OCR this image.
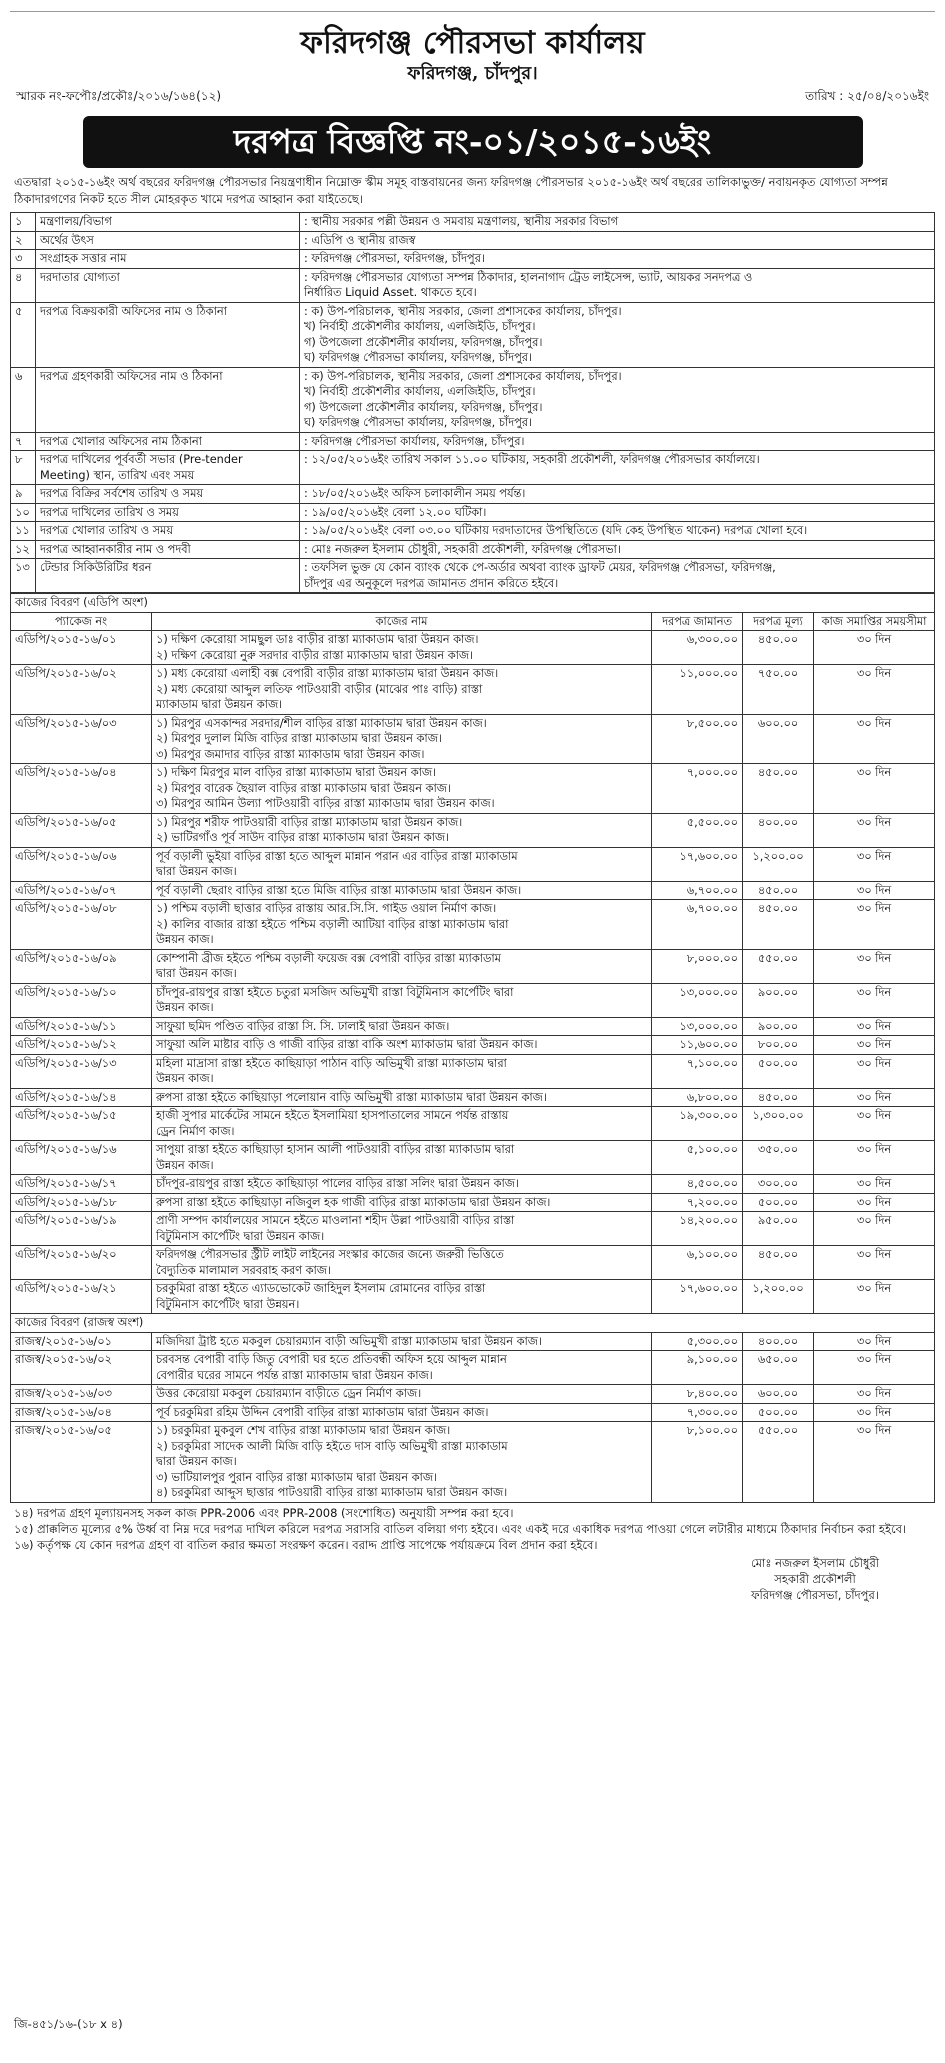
ফরিদগঞ্জ পৌরসভা কার্যালয়
ফরিদগঞ্জ, চাঁদপুর।
স্মারক নং-ফপৌঃ/প্রকৌঃ/২০১৬/১৬৪(১২)	তারিখ : ২৫/০৪/২০১৬ইং
দরপত্র বিজ্ঞপ্তি নং-০১/২০১৫-১৬ইং
এতদ্বারা ২০১৫-১৬ইং অর্থ বছরের ফরিদগঞ্জ পৌরসভার নিয়ন্ত্রণাধীন নিম্নোক্ত স্কীম সমূহ বাস্তবায়নের জন্য ফরিদগঞ্জ পৌরসভার ২০১৫-১৬ইং অর্থ বছরের তালিকাভুক্ত/ নবায়নকৃত যোগ্যতা সম্পন্ন ঠিকাদারগণের নিকট হতে সীল মোহরকৃত খামে দরপত্র আহ্বান করা যাইতেছে।
১	মন্ত্রণালয়/বিভাগ	: স্থানীয় সরকার পল্লী উন্নয়ন ও সমবায় মন্ত্রণালয়, স্থানীয় সরকার বিভাগ

২	অর্থের উৎস	: এডিপি ও স্থানীয় রাজস্ব

৩	সংগ্রাহক সত্তার নাম	: ফরিদগঞ্জ পৌরসভা, ফরিদগঞ্জ, চাঁদপুর।

৪	দরদাতার যোগ্যতা	: ফরিদগঞ্জ পৌরসভার যোগ্যতা সম্পন্ন ঠিকাদার, হালনাগাদ ট্রেড লাইসেন্স, ভ্যাট, আয়কর সনদপত্র ও
নির্ধারিত Liquid Asset. থাকতে হবে।

৫	দরপত্র বিক্রয়কারী অফিসের নাম ও ঠিকানা	: ক) উপ-পরিচালক, স্থানীয় সরকার, জেলা প্রশাসকের কার্যালয়, চাঁদপুর।
খ) নির্বাহী প্রকৌশলীর কার্যালয়, এলজিইডি, চাঁদপুর।
গ) উপজেলা প্রকৌশলীর কার্যালয়, ফরিদগঞ্জ, চাঁদপুর।
ঘ) ফরিদগঞ্জ পৌরসভা কার্যালয়, ফরিদগঞ্জ, চাঁদপুর।

৬	দরপত্র গ্রহণকারী অফিসের নাম ও ঠিকানা	: ক) উপ-পরিচালক, স্থানীয় সরকার, জেলা প্রশাসকের কার্যালয়, চাঁদপুর।
খ) নির্বাহী প্রকৌশলীর কার্যালয়, এলজিইডি, চাঁদপুর।
গ) উপজেলা প্রকৌশলীর কার্যালয়, ফরিদগঞ্জ, চাঁদপুর।
ঘ) ফরিদগঞ্জ পৌরসভা কার্যালয়, ফরিদগঞ্জ, চাঁদপুর।

৭	দরপত্র খোলার অফিসের নাম ঠিকানা	: ফরিদগঞ্জ পৌরসভা কার্যালয়, ফরিদগঞ্জ, চাঁদপুর।

৮	দরপত্র দাখিলের পূর্ববর্তী সভার (Pre-tender Meeting) স্থান, তারিখ এবং সময়	: ১২/০৫/২০১৬ইং তারিখ সকাল ১১.০০ ঘটিকায়, সহকারী প্রকৌশলী, ফরিদগঞ্জ পৌরসভার কার্যালয়ে।

৯	দরপত্র বিক্রির সর্বশেষ তারিখ ও সময়	: ১৮/০৫/২০১৬ইং অফিস চলাকালীন সময় পর্যন্ত।

১০	দরপত্র দাখিলের তারিখ ও সময়	: ১৯/০৫/২০১৬ইং বেলা ১২.০০ ঘটিকা।

১১	দরপত্র খোলার তারিখ ও সময়	: ১৯/০৫/২০১৬ইং বেলা ০৩.০০ ঘটিকায় দরদাতাদের উপস্থিতিতে (যদি কেহ উপস্থিত থাকেন) দরপত্র খোলা হবে।

১২	দরপত্র আহ্বানকারীর নাম ও পদবী	: মোঃ নজরুল ইসলাম চৌধুরী, সহকারী প্রকৌশলী, ফরিদগঞ্জ পৌরসভা।

১৩	টেন্ডার সিকিউরিটির ধরন	: তফসিল ভুক্ত যে কোন ব্যাংক থেকে পে-অর্ডার অথবা ব্যাংক ড্রাফট মেয়র, ফরিদগঞ্জ পৌরসভা, ফরিদগঞ্জ,
চাঁদপুর এর অনুকূলে দরপত্র জামানত প্রদান করিতে হইবে।
কাজের বিবরণ (এডিপি অংশ)				
প্যাকেজ নং	কাজের নাম	দরপত্র জামানত	দরপত্র মূল্য	কাজ সমাপ্তির সময়সীমা
এডিপি/২০১৫-১৬/০১	১) দক্ষিণ কেরোয়া সামছুল ডাঃ বাড়ীর রাস্তা ম্যাকাডাম দ্বারা উন্নয়ন কাজ।
২) দক্ষিণ কেরোয়া নুরু সরদার বাড়ীর রাস্তা ম্যাকাডাম দ্বারা উন্নয়ন কাজ।	৬,৩০০.০০	৪৫০.০০	৩০ দিন
এডিপি/২০১৫-১৬/০২	১) মধ্য কেরোয়া এলাহী বক্স বেপারী বাড়ীর রাস্তা ম্যাকাডাম দ্বারা উন্নয়ন কাজ।
২) মধ্য কেরোয়া আব্দুল লতিফ পাটওয়ারী বাড়ীর (মাঝের পাঃ বাড়ি) রাস্তা
ম্যাকাডাম দ্বারা উন্নয়ন কাজ।	১১,০০০.০০	৭৫০.০০	৩০ দিন
এডিপি/২০১৫-১৬/০৩	১) মিরপুর এসকান্দর সরদার/শীল বাড়ির রাস্তা ম্যাকাডাম দ্বারা উন্নয়ন কাজ।
২) মিরপুর দুলাল মিজি বাড়ির রাস্তা ম্যাকাডাম দ্বারা উন্নয়ন কাজ।
৩) মিরপুর জমাদার বাড়ির রাস্তা ম্যাকাডাম দ্বারা উন্নয়ন কাজ।	৮,৫০০.০০	৬০০.০০	৩০ দিন
এডিপি/২০১৫-১৬/০৪	১) দক্ষিণ মিরপুর মাল বাড়ির রাস্তা ম্যাকাডাম দ্বারা উন্নয়ন কাজ।
২) মিরপুর বারেক ছৈয়াল বাড়ির রাস্তা ম্যাকাডাম দ্বারা উন্নয়ন কাজ।
৩) মিরপুর আমিন উল্যা পাটওয়ারী বাড়ির রাস্তা ম্যাকাডাম দ্বারা উন্নয়ন কাজ।	৭,০০০.০০	৪৫০.০০	৩০ দিন
এডিপি/২০১৫-১৬/০৫	১) মিরপুর শরীফ পাটওয়ারী বাড়ির রাস্তা ম্যাকাডাম দ্বারা উন্নয়ন কাজ।
২) ভাটিরগাঁও পূর্ব সাউদ বাড়ির রাস্তা ম্যাকাডাম দ্বারা উন্নয়ন কাজ।	৫,৫০০.০০	৪০০.০০	৩০ দিন
এডিপি/২০১৫-১৬/০৬	পূর্ব বড়ালী ভুইয়া বাড়ির রাস্তা হতে আব্দুল মান্নান পরান এর বাড়ির রাস্তা ম্যাকাডাম
দ্বারা উন্নয়ন কাজ।	১৭,৬০০.০০	১,২০০.০০	৩০ দিন
এডিপি/২০১৫-১৬/০৭	পূর্ব বড়ালী ছেরাং বাড়ির রাস্তা হতে মিজি বাড়ির রাস্তা ম্যাকাডাম দ্বারা উন্নয়ন কাজ।	৬,৭০০.০০	৪৫০.০০	৩০ দিন
এডিপি/২০১৫-১৬/০৮	১) পশ্চিম বড়ালী ছাত্তার বাড়ির রাস্তায় আর.সি.সি. গাইড ওয়াল নির্মাণ কাজ।
২) কালির বাজার রাস্তা হইতে পশ্চিম বড়ালী আটিয়া বাড়ির রাস্তা ম্যাকাডাম দ্বারা
উন্নয়ন কাজ।	৬,৭০০.০০	৪৫০.০০	৩০ দিন
এডিপি/২০১৫-১৬/০৯	কোম্পানী ব্রীজ হইতে পশ্চিম বড়ালী ফয়েজ বক্স বেপারী বাড়ির রাস্তা ম্যাকাডাম
দ্বারা উন্নয়ন কাজ।	৮,০০০.০০	৫৫০.০০	৩০ দিন
এডিপি/২০১৫-১৬/১০	চাঁদপুর-রায়পুর রাস্তা হইতে চতুরা মসজিদ অভিমুখী রাস্তা বিটুমিনাস কার্পেটিং দ্বারা
উন্নয়ন কাজ।	১৩,০০০.০০	৯০০.০০	৩০ দিন
এডিপি/২০১৫-১৬/১১	সাফুয়া ছমিদ পণ্ডিত বাড়ির রাস্তা সি. সি. ঢালাই দ্বারা উন্নয়ন কাজ।	১৩,০০০.০০	৯০০.০০	৩০ দিন
এডিপি/২০১৫-১৬/১২	সাফুয়া অলি মাষ্টার বাড়ি ও গাজী বাড়ির রাস্তা বাকি অংশ ম্যাকাডাম দ্বারা উন্নয়ন কাজ।	১১,৬০০.০০	৮০০.০০	৩০ দিন
এডিপি/২০১৫-১৬/১৩	মহিলা মাদ্রাসা রাস্তা হইতে কাছিয়াড়া পাঠান বাড়ি অভিমুখী রাস্তা ম্যাকাডাম দ্বারা
উন্নয়ন কাজ।	৭,১০০.০০	৫০০.০০	৩০ দিন
এডিপি/২০১৫-১৬/১৪	রুপসা রাস্তা হইতে কাছিয়াড়া পলোয়ান বাড়ি অভিমুখী রাস্তা ম্যাকাডাম দ্বারা উন্নয়ন কাজ।	৬,৮০০.০০	৪৫০.০০	৩০ দিন
এডিপি/২০১৫-১৬/১৫	হাজী সুপার মার্কেটের সামনে হইতে ইসলামিয়া হাসপাতালের সামনে পর্যন্ত রাস্তায়
ড্রেন নির্মাণ কাজ।	১৯,৩০০.০০	১,৩০০.০০	৩০ দিন
এডিপি/২০১৫-১৬/১৬	সাপুয়া রাস্তা হইতে কাছিয়াড়া হাসান আলী পাটওয়ারী বাড়ির রাস্তা ম্যাকাডাম দ্বারা
উন্নয়ন কাজ।	৫,১০০.০০	৩৫০.০০	৩০ দিন
এডিপি/২০১৫-১৬/১৭	চাঁদপুর-রায়পুর রাস্তা হইতে কাছিয়াড়া পালের বাড়ির রাস্তা সলিং দ্বারা উন্নয়ন কাজ।	৪,৫০০.০০	৩০০.০০	৩০ দিন
এডিপি/২০১৫-১৬/১৮	রুপসা রাস্তা হইতে কাছিয়াড়া নজিবুল হক গাজী বাড়ির রাস্তা ম্যাকাডাম দ্বারা উন্নয়ন কাজ।	৭,২০০.০০	৫০০.০০	৩০ দিন
এডিপি/২০১৫-১৬/১৯	প্রাণী সম্পদ কার্যালয়ের সামনে হইতে মাওলানা শহীদ উল্লা পাটওয়ারী বাড়ির রাস্তা
বিটুমিনাস কার্পেটিং দ্বারা উন্নয়ন কাজ।	১৪,২০০.০০	৯৫০.০০	৩০ দিন
এডিপি/২০১৫-১৬/২০	ফরিদগঞ্জ পৌরসভার স্ট্রীট লাইট লাইনের সংস্কার কাজের জন্যে জরুরী ভিত্তিতে
বৈদ্যুতিক মালামাল সরবরাহ করণ কাজ।	৬,১০০.০০	৪৫০.০০	৩০ দিন
এডিপি/২০১৫-১৬/২১	চরকুমিরা রাস্তা হইতে এ্যাডভোকেট জাহিদুল ইসলাম রোমানের বাড়ির রাস্তা
বিটুমিনাস কার্পেটিং দ্বারা উন্নয়ন।	১৭,৬০০.০০	১,২০০.০০	৩০ দিন
কাজের বিবরণ (রাজস্ব অংশ)				
রাজস্ব/২০১৫-১৬/০১	মজিদিয়া ট্রাষ্ট হতে মকবুল চেয়ারম্যান বাড়ী অভিমুখী রাস্তা ম্যাকাডাম দ্বারা উন্নয়ন কাজ।	৫,৩০০.০০	৪০০.০০	৩০ দিন
রাজস্ব/২০১৫-১৬/০২	চরবসন্ত বেপারী বাড়ি জিতু বেপারী ঘর হতে প্রতিবন্ধী অফিস হয়ে আব্দুল মান্নান
বেপারীর ঘরের সামনে পর্যন্ত রাস্তা ম্যাকাডাম দ্বারা উন্নয়ন কাজ।	৯,১০০.০০	৬৫০.০০	৩০ দিন
রাজস্ব/২০১৫-১৬/০৩	উত্তর কেরোয়া মকবুল চেয়ারম্যান বাড়ীতে ড্রেন নির্মাণ কাজ।	৮,৪০০.০০	৬০০.০০	৩০ দিন
রাজস্ব/২০১৫-১৬/০৪	পূর্ব চরকুমিরা রহিম উদ্দিন বেপারী বাড়ির রাস্তা ম্যাকাডাম দ্বারা উন্নয়ন কাজ।	৭,৩০০.০০	৫০০.০০	৩০ দিন
রাজস্ব/২০১৫-১৬/০৫	১) চরকুমিরা মুকবুল শেখ বাড়ির রাস্তা ম্যাকাডাম দ্বারা উন্নয়ন কাজ।
২) চরকুমিরা সাদেক আলী মিজি বাড়ি হইতে দাস বাড়ি অভিমুখী রাস্তা ম্যাকাডাম
দ্বারা উন্নয়ন কাজ।
৩) ভাটিয়ালপুর পুরান বাড়ির রাস্তা ম্যাকাডাম দ্বারা উন্নয়ন কাজ।
৪) চরকুমিরা আব্দুস ছাত্তার পাটওয়ারী বাড়ির রাস্তা ম্যাকাডাম দ্বারা উন্নয়ন কাজ।	৮,১০০.০০	৫৫০.০০	৩০ দিন
১৪) দরপত্র গ্রহণ মূল্যায়নসহ সকল কাজ PPR-2006 এবং PPR-2008 (সংশোধিত) অনুযায়ী সম্পন্ন করা হবে।
১৫) প্রাক্কলিত মূল্যের ৫% উর্ধ্ব বা নিম্ন দরে দরপত্র দাখিল করিলে দরপত্র সরাসরি বাতিল বলিয়া গণ্য হইবে। এবং একই দরে একাধিক দরপত্র পাওয়া গেলে লটারীর মাধ্যমে ঠিকাদার নির্বাচন করা হইবে।
১৬) কর্তৃপক্ষ যে কোন দরপত্র গ্রহণ বা বাতিল করার ক্ষমতা সংরক্ষণ করেন। বরাদ্দ প্রাপ্তি সাপেক্ষে পর্যায়ক্রমে বিল প্রদান করা হইবে।
মোঃ নজরুল ইসলাম চৌধুরী
সহকারী প্রকৌশলী
ফরিদগঞ্জ পৌরসভা, চাঁদপুর।
জি-৪৫১/১৬-(১৮ x ৪)
